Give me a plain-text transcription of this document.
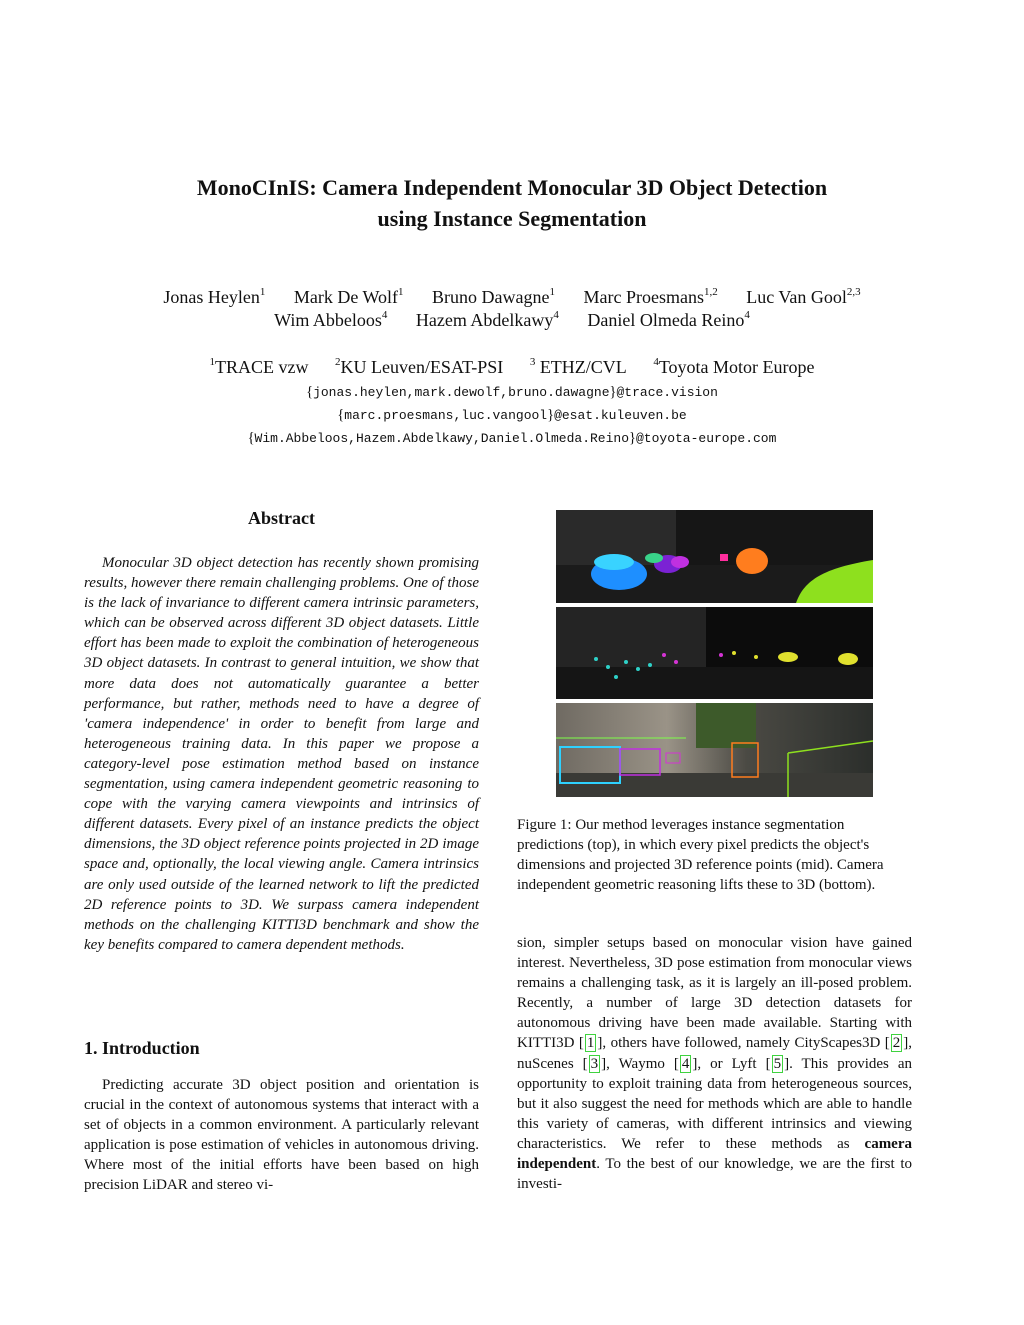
MonoCInIS: Camera Independent Monocular 3D Object Detection
using Instance Segmentation
Jonas Heylen$^1$ Mark De Wolf$^1$ Bruno Dawagne$^1$ Marc Proesmans$^{1,2}$ Luc Van Gool$^{2,3}$
Wim Abbeloos$^4$ Hazem Abdelkawy$^4$ Daniel Olmeda Reino$^4$
$^1$TRACE vzw $^2$KU Leuven/ESAT-PSI $^3$ ETHZ/CVL $^4$Toyota Motor Europe
{jonas.heylen,mark.dewolf,bruno.dawagne}@trace.vision
{marc.proesmans,luc.vangool}@esat.kuleuven.be
{Wim.Abbeloos,Hazem.Abdelkawy,Daniel.Olmeda.Reino}@toyota-europe.com
Abstract

Monocular 3D object detection has recently shown promising results, however there remain challenging problems. One of those is the lack of invariance to different camera intrinsic parameters, which can be observed across different 3D object datasets. Little effort has been made to exploit the combination of heterogeneous 3D object datasets. In contrast to general intuition, we show that more data does not automatically guarantee a better performance, but rather, methods need to have a degree of 'camera independence' in order to benefit from large and heterogeneous training data. In this paper we propose a category-level pose estimation method based on instance segmentation, using camera independent geometric reasoning to cope with the varying camera viewpoints and intrinsics of different datasets. Every pixel of an instance predicts the object dimensions, the 3D object reference points projected in 2D image space and, optionally, the local viewing angle. Camera intrinsics are only used outside of the learned network to lift the predicted 2D reference points to 3D. We surpass camera independent methods on the challenging KITTI3D benchmark and show the key benefits compared to camera dependent methods.

1. Introduction

Predicting accurate 3D object position and orientation is crucial in the context of autonomous systems that interact with a set of objects in a common environment. A particularly relevant application is pose estimation of vehicles in autonomous driving. Where most of the initial efforts have been based on high precision LiDAR and stereo vi-

Figure 1: Our method leverages instance segmentation predictions (top), in which every pixel predicts the object's dimensions and projected 3D reference points (mid). Camera independent geometric reasoning lifts these to 3D (bottom).

sion, simpler setups based on monocular vision have gained interest. Nevertheless, 3D pose estimation from monocular views remains a challenging task, as it is largely an ill-posed problem. Recently, a number of large 3D detection datasets for autonomous driving have been made available. Starting with KITTI3D [ 1 ], others have followed, namely CityScapes3D [ 2 ], nuScenes [ 3 ], Waymo [ 4 ], or Lyft [ 5 ]. This provides an opportunity to exploit training data from heterogeneous sources, but it also suggest the need for methods which are able to handle this variety of cameras, with different intrinsics and viewing characteristics. We refer to these methods as camera independent. To the best of our knowledge, we are the first to investi-
